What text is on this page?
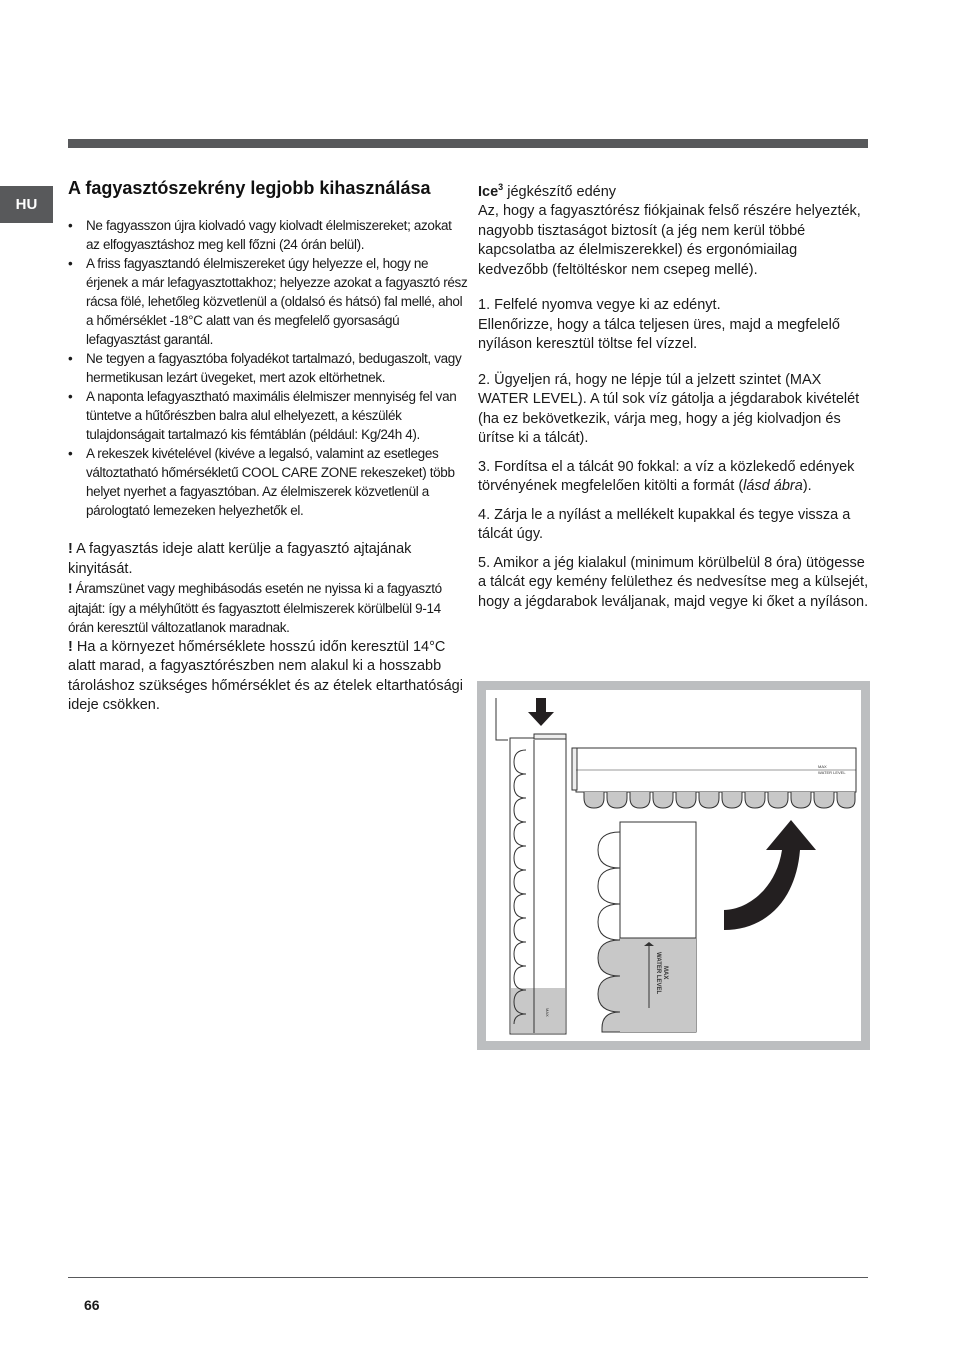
HU
A fagyasztószekrény legjobb kihasználása
• Ne fagyasszon újra kiolvadó vagy kiolvadt élelmiszereket; azokat az elfogyasztáshoz meg kell főzni (24 órán belül).
• A friss fagyasztandó élelmiszereket úgy helyezze el, hogy ne érjenek a már lefagyasztottakhoz; helyezze azokat a fagyasztó rész rácsa fölé, lehetőleg közvetlenül a (oldalsó és hátsó) fal mellé, ahol a hőmérséklet -18°C alatt van és megfelelő gyorsaságú lefagyasztást garantál.
• Ne tegyen a fagyasztóba folyadékot tartalmazó, bedugaszolt, vagy hermetikusan lezárt üvegeket, mert azok eltörhetnek.
• A naponta lefagyasztható maximális élelmiszer mennyiség fel van tüntetve a hűtőrészben balra alul elhelyezett, a készülék tulajdonságait tartalmazó kis fémtáblán (például: Kg/24h 4).
• A rekeszek kivételével (kivéve a legalsó, valamint az esetleges változtatható hőmérsékletű COOL CARE ZONE rekeszeket) több helyet nyerhet a fagyasztóban. Az élelmiszerek közvetlenül a párologtató lemezeken helyezhetők el.

! A fagyasztás ideje alatt kerülje a fagyasztó ajtajának kinyitását.

! Áramszünet vagy meghibásodás esetén ne nyissa ki a fagyasztó ajtaját: így a mélyhűtött és fagyasztott élelmiszerek körülbelül 9-14 órán keresztül változatlanok maradnak.

! Ha a környezet hőmérséklete hosszú időn keresztül 14°C alatt marad, a fagyasztórészben nem alakul ki a hosszabb tároláshoz szükséges hőmérséklet és az ételek eltarthatósági ideje csökken.

Ice$^3$ jégkészítő edény

Az, hogy a fagyasztórész fiókjainak felső részére helyezték, nagyobb tisztaságot biztosít (a jég nem kerül többé kapcsolatba az élelmiszerekkel) és ergonómiailag kedvezőbb (feltöltéskor nem csepeg mellé).

1. Felfelé nyomva vegye ki az edényt.

Ellenőrizze, hogy a tálca teljesen üres, majd a megfelelő nyíláson keresztül töltse fel vízzel.

2. Ügyeljen rá, hogy ne lépje túl a jelzett szintet (MAX WATER LEVEL). A túl sok víz gátolja a jégdarabok kivételét (ha ez bekövetkezik, várja meg, hogy a jég kiolvadjon és ürítse ki a tálcát).

3. Fordítsa el a tálcát 90 fokkal: a víz a közlekedő edények törvényének megfelelően kitölti a formát (lásd ábra).

4. Zárja le a nyílást a mellékelt kupakkal és tegye vissza a tálcát úgy.

5. Amikor a jég kialakul (minimum körülbelül 8 óra) ütögesse a tálcát egy kemény felülethez és nedvesítse meg a külsejét, hogy a jégdarabok leváljanak, majd vegye ki őket a nyíláson.

MAX
MAX
WATER LEVEL
MAX
WATER LEVEL
66
